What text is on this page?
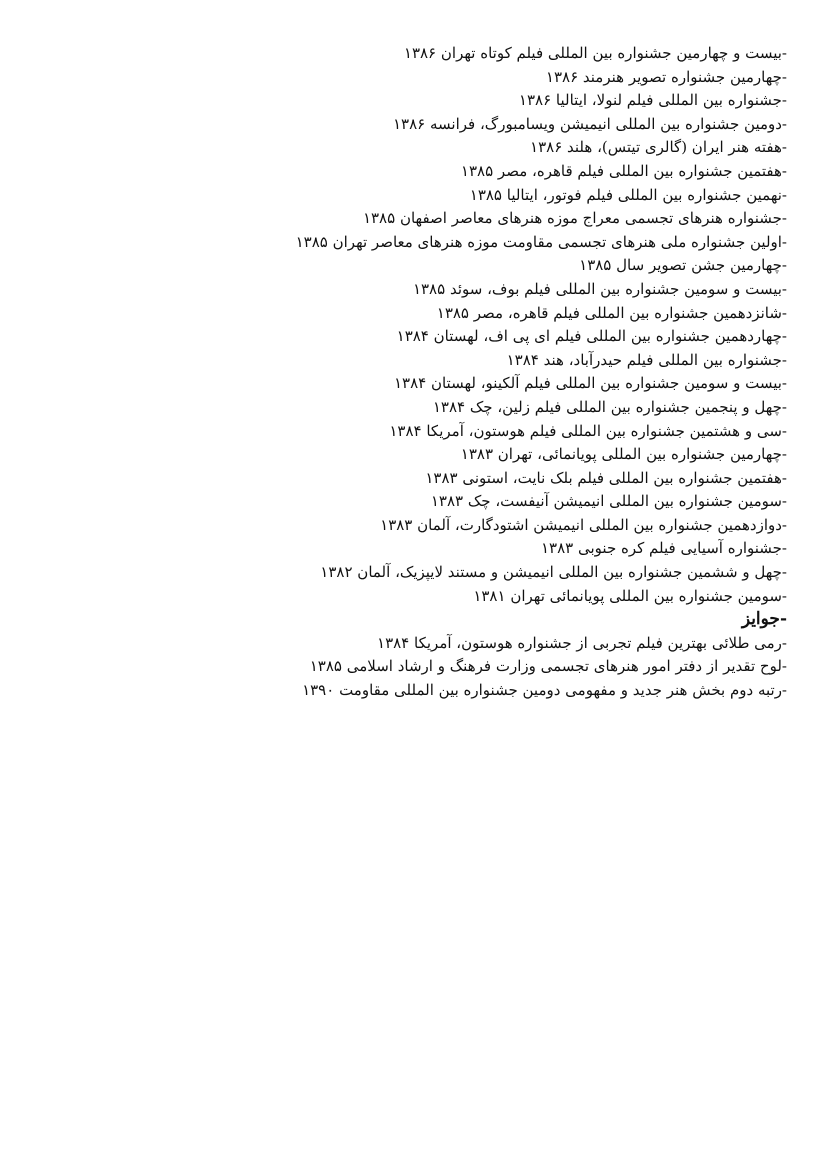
-بیست و چهارمین جشنواره بین المللی فیلم کوتاه تهران ۱۳۸۶
-چهارمین جشنواره تصویر هنرمند ۱۳۸۶
-جشنواره بین المللی فیلم لنولا، ایتالیا ۱۳۸۶
-دومین جشنواره بین المللی انیمیشن ویسامبورگ، فرانسه ۱۳۸۶
-هفته هنر ایران (گالری تیتس)، هلند ۱۳۸۶
-هفتمین جشنواره بین المللی فیلم قاهره، مصر ۱۳۸۵
-نهمین جشنواره بین المللی فیلم فوتور، ایتالیا ۱۳۸۵
-جشنواره هنرهای تجسمی معراج موزه هنرهای معاصر اصفهان ۱۳۸۵
-اولین جشنواره ملی هنرهای تجسمی مقاومت موزه هنرهای معاصر تهران ۱۳۸۵
-چهارمین جشن تصویر سال ۱۳۸۵
-بیست و سومین جشنواره بین المللی فیلم بوف، سوئد ۱۳۸۵
-شانزدهمین جشنواره بین المللی فیلم قاهره، مصر ۱۳۸۵
-چهاردهمین جشنواره بین المللی فیلم ای پی اف، لهستان ۱۳۸۴
-جشنواره بین المللی فیلم حیدرآباد، هند ۱۳۸۴
-بیست و سومین جشنواره بین المللی فیلم آلکینو، لهستان ۱۳۸۴
-چهل و پنجمین جشنواره بین المللی فیلم زلین، چک ۱۳۸۴
-سی و هشتمین جشنواره بین المللی فیلم هوستون، آمریکا ۱۳۸۴
-چهارمین جشنواره بین المللی پویانمائی، تهران ۱۳۸۳
-هفتمین جشنواره بین المللی فیلم بلک نایت، استونی ۱۳۸۳
-سومین جشنواره بین المللی انیمیشن آنیفست، چک ۱۳۸۳
-دوازدهمین جشنواره بین المللی انیمیشن اشتودگارت، آلمان ۱۳۸۳
-جشنواره آسیایی فیلم کره جنوبی ۱۳۸۳
-چهل و ششمین جشنواره بین المللی انیمیشن و مستند لایپزیک، آلمان ۱۳۸۲
-سومین جشنواره بین المللی پویانمائی تهران ۱۳۸۱
-جوایز
-رمی طلائی بهترین فیلم تجربی از جشنواره هوستون، آمریکا ۱۳۸۴
-لوح تقدیر از دفتر امور هنرهای تجسمی وزارت فرهنگ و ارشاد اسلامی ۱۳۸۵
-رتبه دوم بخش هنر جدید و مفهومی دومین جشنواره بین المللی مقاومت ۱۳۹۰
